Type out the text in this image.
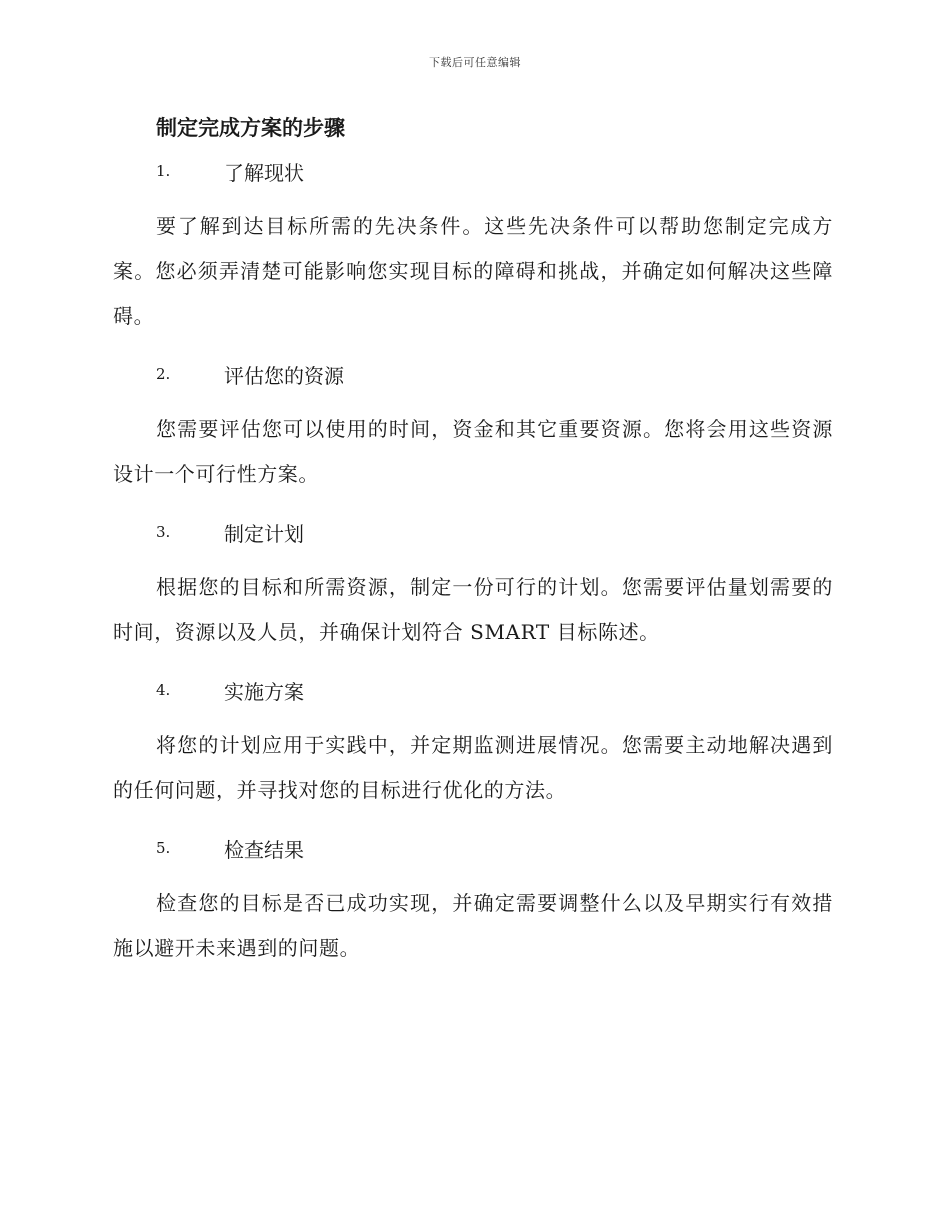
下载后可任意编辑
制定完成方案的步骤
1.	了解现状

要了解到达目标所需的先决条件。这些先决条件可以帮助您制定完成方案。您必须弄清楚可能影响您实现目标的障碍和挑战，并确定如何解决这些障碍。

2.	评估您的资源

您需要评估您可以使用的时间，资金和其它重要资源。您将会用这些资源设计一个可行性方案。

3.	制定计划

根据您的目标和所需资源，制定一份可行的计划。您需要评估量划需要的时间，资源以及人员，并确保计划符合 SMART 目标陈述。

4.	实施方案

将您的计划应用于实践中，并定期监测进展情况。您需要主动地解决遇到的任何问题，并寻找对您的目标进行优化的方法。

5.	检查结果

检查您的目标是否已成功实现，并确定需要调整什么以及早期实行有效措施以避开未来遇到的问题。
